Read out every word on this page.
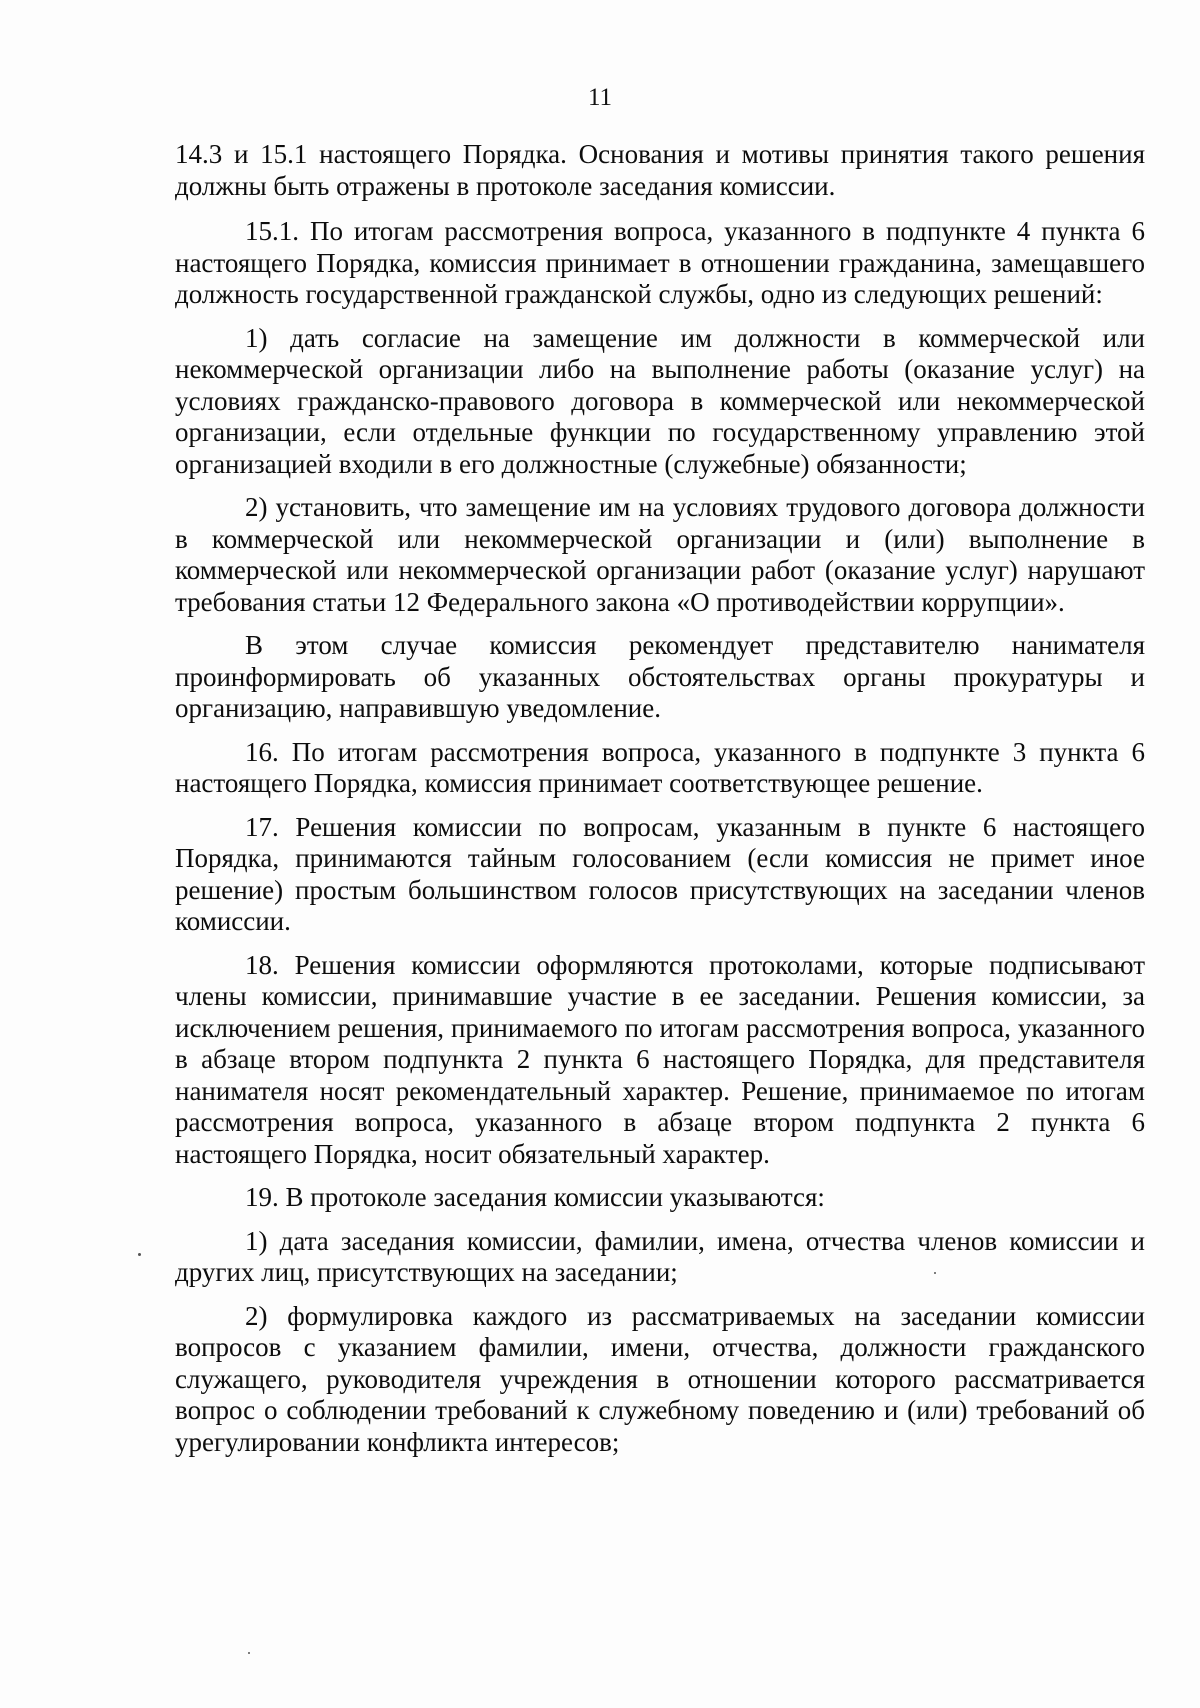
11

14.3 и 15.1 настоящего Порядка. Основания и мотивы принятия такого решения должны быть отражены в протоколе заседания комиссии.

15.1. По итогам рассмотрения вопроса, указанного в подпункте 4 пункта 6 настоящего Порядка, комиссия принимает в отношении гражданина, замещавшего должность государственной гражданской службы, одно из следующих решений:

1) дать согласие на замещение им должности в коммерческой или некоммерческой организации либо на выполнение работы (оказание услуг) на условиях гражданско-правового договора в коммерческой или некоммерческой организации, если отдельные функции по государственному управлению этой организацией входили в его должностные (служебные) обязанности;

2) установить, что замещение им на условиях трудового договора должности в коммерческой или некоммерческой организации и (или) выполнение в коммерческой или некоммерческой организации работ (оказание услуг) нарушают требования статьи 12 Федерального закона «О противодействии коррупции».

В этом случае комиссия рекомендует представителю нанимателя проинформировать об указанных обстоятельствах органы прокуратуры и организацию, направившую уведомление.

16. По итогам рассмотрения вопроса, указанного в подпункте 3 пункта 6 настоящего Порядка, комиссия принимает соответствующее решение.

17. Решения комиссии по вопросам, указанным в пункте 6 настоящего Порядка, принимаются тайным голосованием (если комиссия не примет иное решение) простым большинством голосов присутствующих на заседании членов комиссии.

18. Решения комиссии оформляются протоколами, которые подписывают члены комиссии, принимавшие участие в ее заседании. Решения комиссии, за исключением решения, принимаемого по итогам рассмотрения вопроса, указанного в абзаце втором подпункта 2 пункта 6 настоящего Порядка, для представителя нанимателя носят рекомендательный характер. Решение, принимаемое по итогам рассмотрения вопроса, указанного в абзаце втором подпункта 2 пункта 6 настоящего Порядка, носит обязательный характер.

19. В протоколе заседания комиссии указываются:

1) дата заседания комиссии, фамилии, имена, отчества членов комиссии и других лиц, присутствующих на заседании;

2) формулировка каждого из рассматриваемых на заседании комиссии вопросов с указанием фамилии, имени, отчества, должности гражданского служащего, руководителя учреждения в отношении которого рассматривается вопрос о соблюдении требований к служебному поведению и (или) требований об урегулировании конфликта интересов;
